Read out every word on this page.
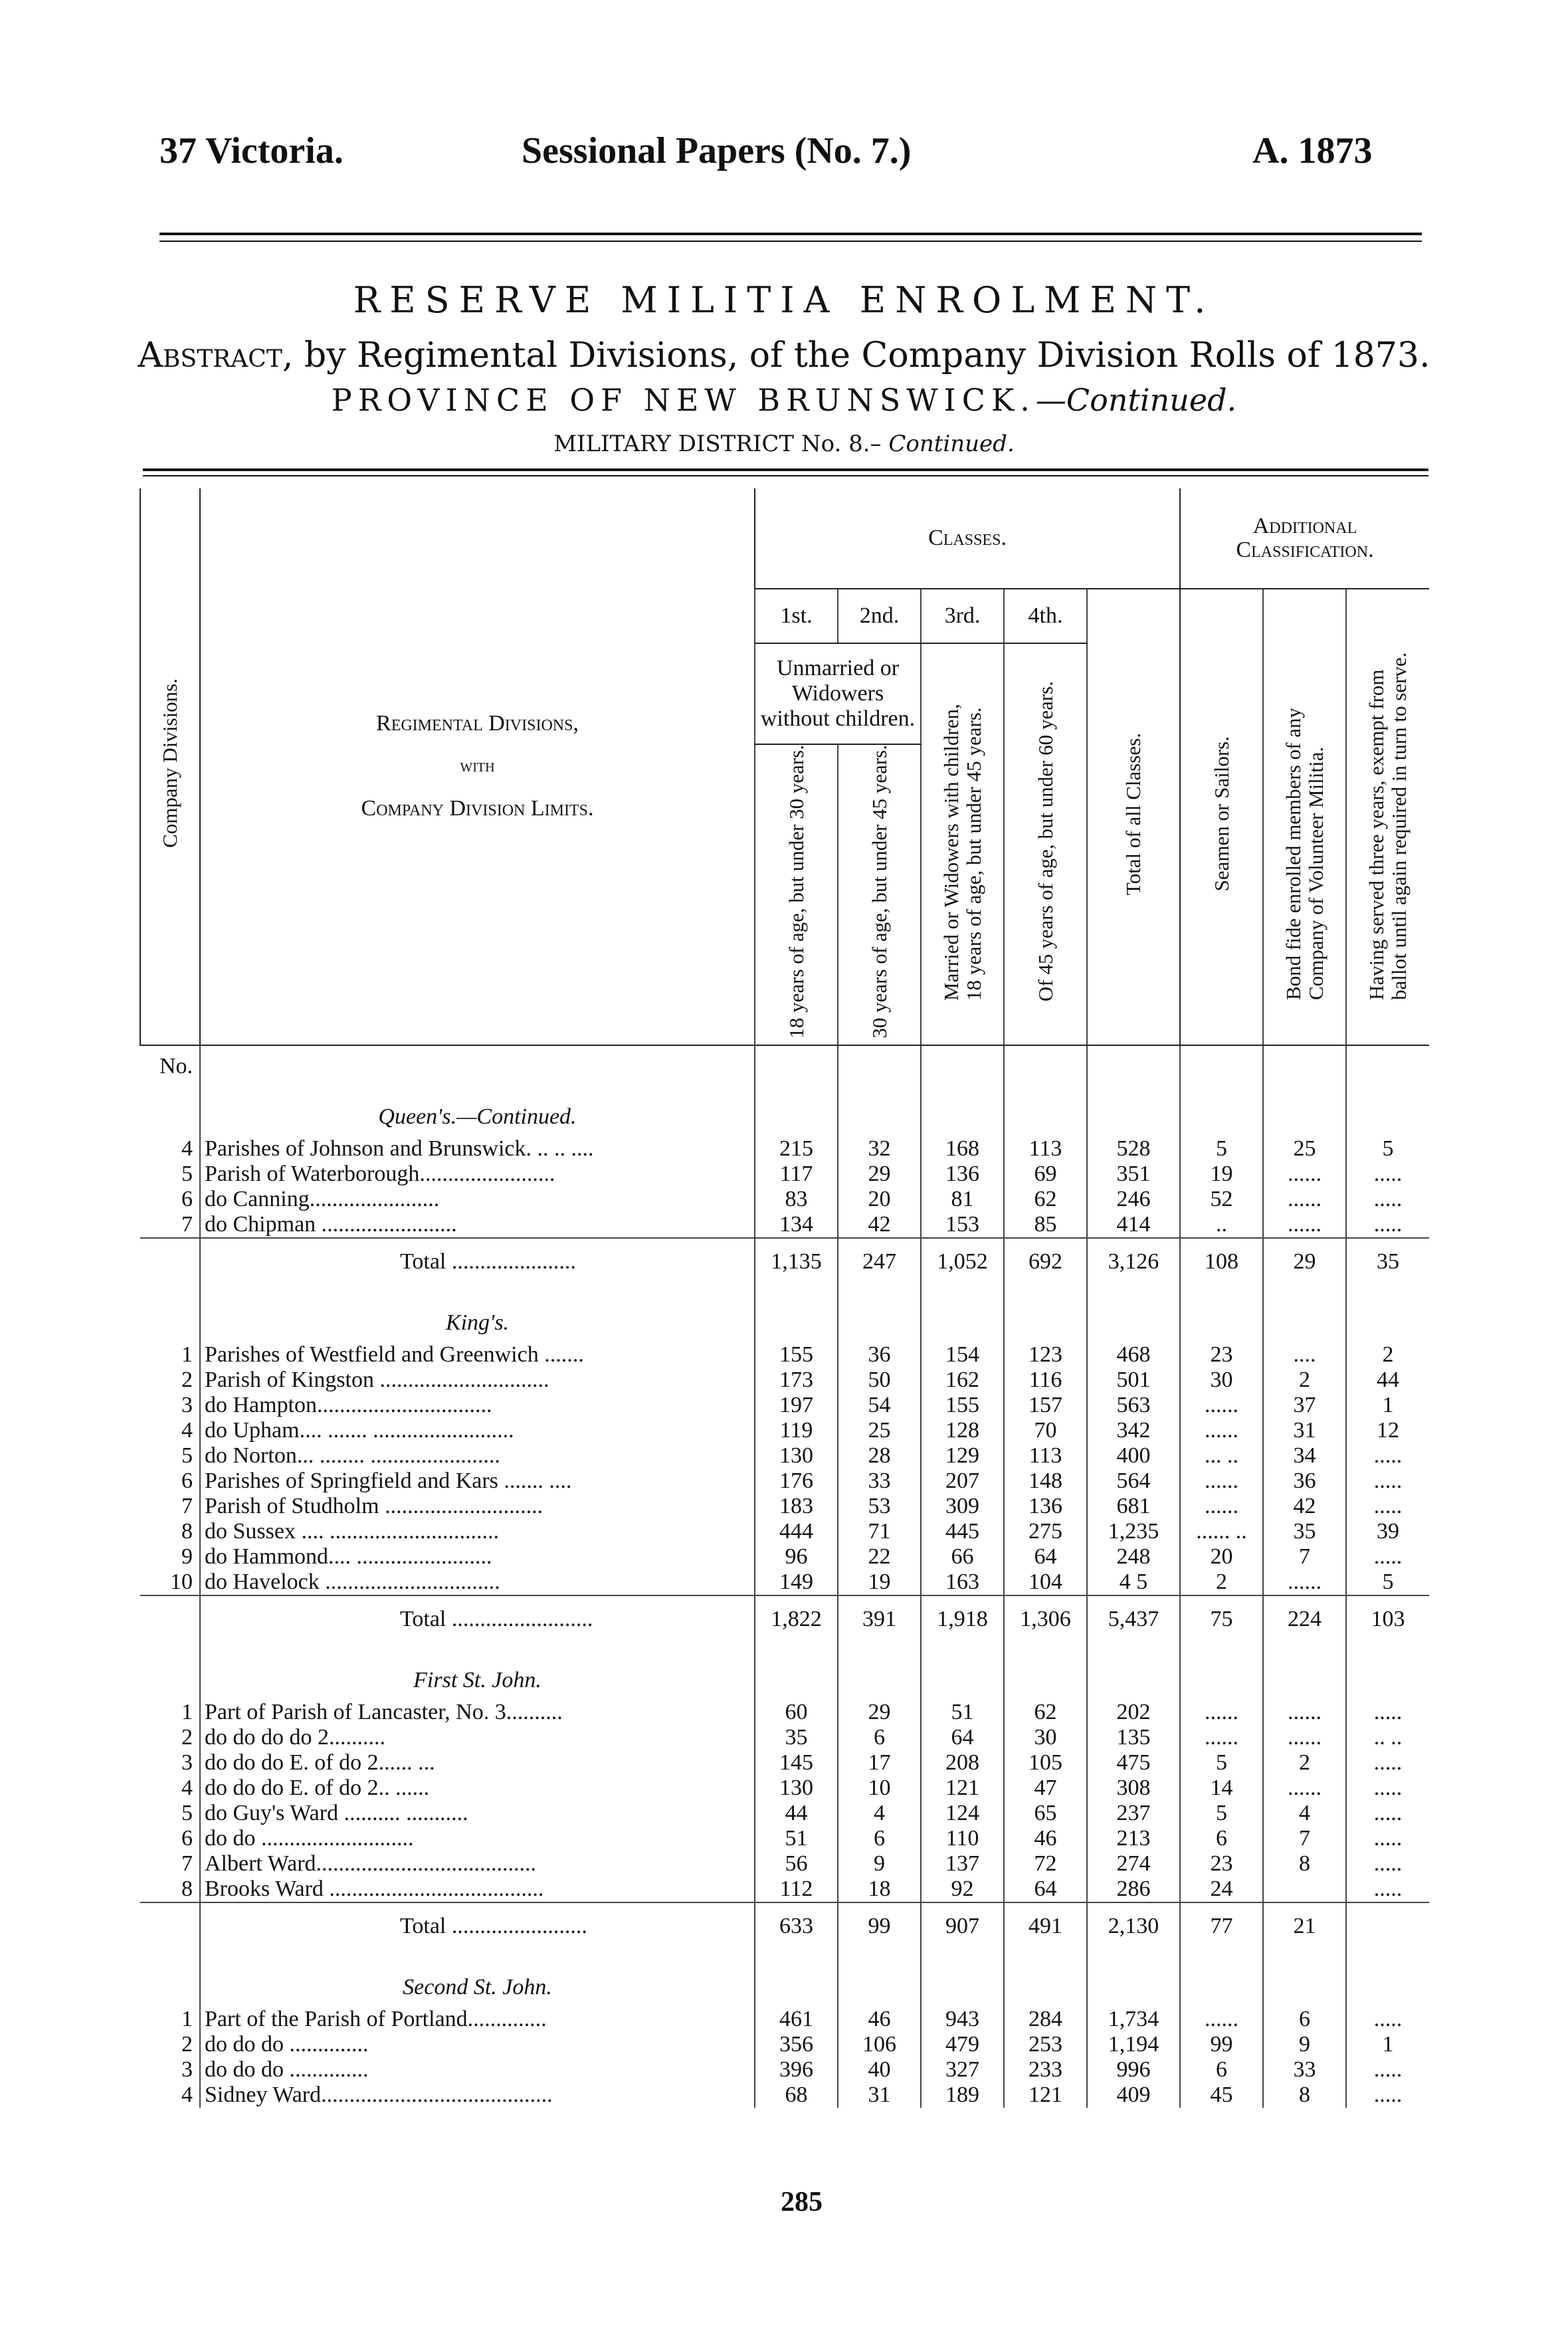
37 Victoria.	Sessional Papers (No. 7.)	A. 1873
RESERVE MILITIA ENROLMENT.
Abstract, by Regimental Divisions, of the Company Division Rolls of 1873.
PROVINCE OF NEW BRUNSWICK.—Continued.
MILITARY DISTRICT No. 8.– Continued.
Company Divisions.	Regimental Divisions,
with
Company Division Limits.	Classes.					Additional Classification.		
		1st.	2nd.	3rd.	4th.	Total of all Classes.	Seamen or Sailors.	Bond fide enrolled members of any Company of Volunteer Militia.	Having served three years, exempt from ballot until again required in turn to serve.
		Unmarried or Widowers without children.		Married or Widowers with children, 18 years of age, but under 45 years.	Of 45 years of age, but under 60 years.				
		18 years of age, but under 30 years.	30 years of age, but under 45 years.						
No.									
	Queen's.—Continued.								
4	Parishes of Johnson and Brunswick. .. .. ....	215	32	168	113	528	5	25	5
5	Parish of Waterborough........................	117	29	136	69	351	19	......	.....
6	do Canning.......................	83	20	81	62	246	52	......	.....
7	do Chipman ........................	134	42	153	85	414	..	......	.....
	Total ......................	1,135	247	1,052	692	3,126	108	29	35
	King's.								
1	Parishes of Westfield and Greenwich .......	155	36	154	123	468	23	....	2
2	Parish of Kingston ..............................	173	50	162	116	501	30	2	44
3	do Hampton...............................	197	54	155	157	563	......	37	1
4	do Upham.... ....... .........................	119	25	128	70	342	......	31	12
5	do Norton... ........ .......................	130	28	129	113	400	... ..	34	.....
6	Parishes of Springfield and Kars ....... ....	176	33	207	148	564	......	36	.....
7	Parish of Studholm ............................	183	53	309	136	681	......	42	.....
8	do Sussex .... ..............................	444	71	445	275	1,235	...... ..	35	39
9	do Hammond.... ........................	96	22	66	64	248	20	7	.....
10	do Havelock ...............................	149	19	163	104	4 5	2	......	5
	Total .........................	1,822	391	1,918	1,306	5,437	75	224	103
	First St. John.								
1	Part of Parish of Lancaster, No. 3..........	60	29	51	62	202	......	......	.....
2	do do do do 2..........	35	6	64	30	135	......	......	.. ..
3	do do do E. of do 2...... ...	145	17	208	105	475	5	2	.....
4	do do do E. of do 2.. ......	130	10	121	47	308	14	......	.....
5	do Guy's Ward .......... ...........	44	4	124	65	237	5	4	.....
6	do do ...........................	51	6	110	46	213	6	7	.....
7	Albert Ward.......................................	56	9	137	72	274	23	8	.....
8	Brooks Ward ......................................	112	18	92	64	286	24		.....
	Total ........................	633	99	907	491	2,130	77	21	
	Second St. John.								
1	Part of the Parish of Portland..............	461	46	943	284	1,734	......	6	.....
2	do do do ..............	356	106	479	253	1,194	99	9	1
3	do do do ..............	396	40	327	233	996	6	33	.....
4	Sidney Ward.........................................	68	31	189	121	409	45	8	.....
285
